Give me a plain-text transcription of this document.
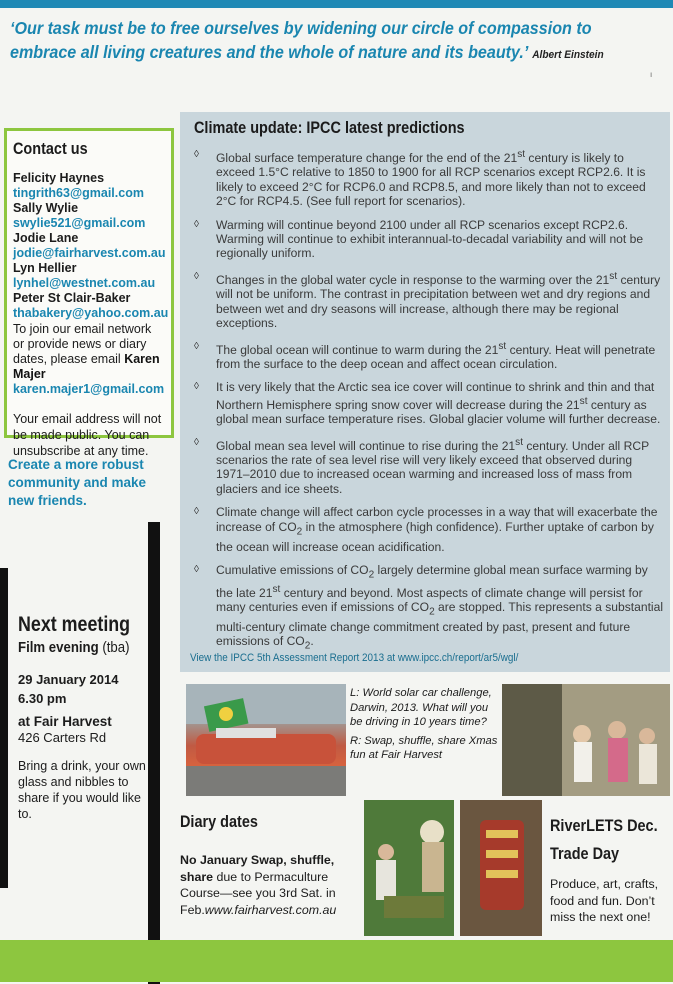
‘Our task must be to free ourselves by widening our circle of compassion to embrace all living creatures and the whole of nature and its beauty.’ Albert Einstein
ı
Contact us
Felicity Haynes
tingrith63@gmail.com
Sally Wylie
swylie521@gmail.com
Jodie Lane
jodie@fairharvest.com.au
Lyn Hellier
lynhel@westnet.com.au
Peter St Clair-Baker
thabakery@yahoo.com.au
To join our email network or provide news or diary dates, please email Karen Majer
karen.majer1@gmail.com
Your email address will not be made public. You can unsubscribe at any time.
Create a more robust community and make new friends.
Next meeting
Film evening (tba)
29 January 2014
6.30 pm
at Fair Harvest
426 Carters Rd
Bring a drink, your own glass and nibbles to share if you would like to.
Climate update: IPCC latest predictions
◊ Global surface temperature change for the end of the 21st century is likely to exceed 1.5°C relative to 1850 to 1900 for all RCP scenarios except RCP2.6. It is likely to exceed 2°C for RCP6.0 and RCP8.5, and more likely than not to exceed 2°C for RCP4.5. (See full report for scenarios).
◊ Warming will continue beyond 2100 under all RCP scenarios except RCP2.6. Warming will continue to exhibit interannual-to-decadal variability and will not be regionally uniform.
◊ Changes in the global water cycle in response to the warming over the 21st century will not be uniform. The contrast in precipitation between wet and dry regions and between wet and dry seasons will increase, although there may be regional exceptions.
◊ The global ocean will continue to warm during the 21st century. Heat will penetrate from the surface to the deep ocean and affect ocean circulation.
◊ It is very likely that the Arctic sea ice cover will continue to shrink and thin and that Northern Hemisphere spring snow cover will decrease during the 21st century as global mean surface temperature rises. Global glacier volume will further decrease.
◊ Global mean sea level will continue to rise during the 21st century. Under all RCP scenarios the rate of sea level rise will very likely exceed that observed during 1971–2010 due to increased ocean warming and increased loss of mass from glaciers and ice sheets.
◊ Climate change will affect carbon cycle processes in a way that will exacerbate the increase of $CO_2$ in the atmosphere (high confidence). Further uptake of carbon by the ocean will increase ocean acidification.
◊ Cumulative emissions of $CO_2$ largely determine global mean surface warming by the late 21st century and beyond. Most aspects of climate change will persist for many centuries even if emissions of $CO_2$ are stopped. This represents a substantial multi-century climate change commitment created by past, present and future emissions of $CO_2$.
View the IPCC 5th Assessment Report 2013 at www.ipcc.ch/report/ar5/wgl/
L: World solar car challenge, Darwin, 2013. What will you be driving in 10 years time?
R: Swap, shuffle, share Xmas fun at Fair Harvest
Diary dates
No January Swap, shuffle, share due to Permaculture Course—see you 3rd Sat. in Feb.www.fairharvest.com.au
RiverLETS Dec.
Trade Day
Produce, art, crafts, food and fun. Don’t miss the next one!
